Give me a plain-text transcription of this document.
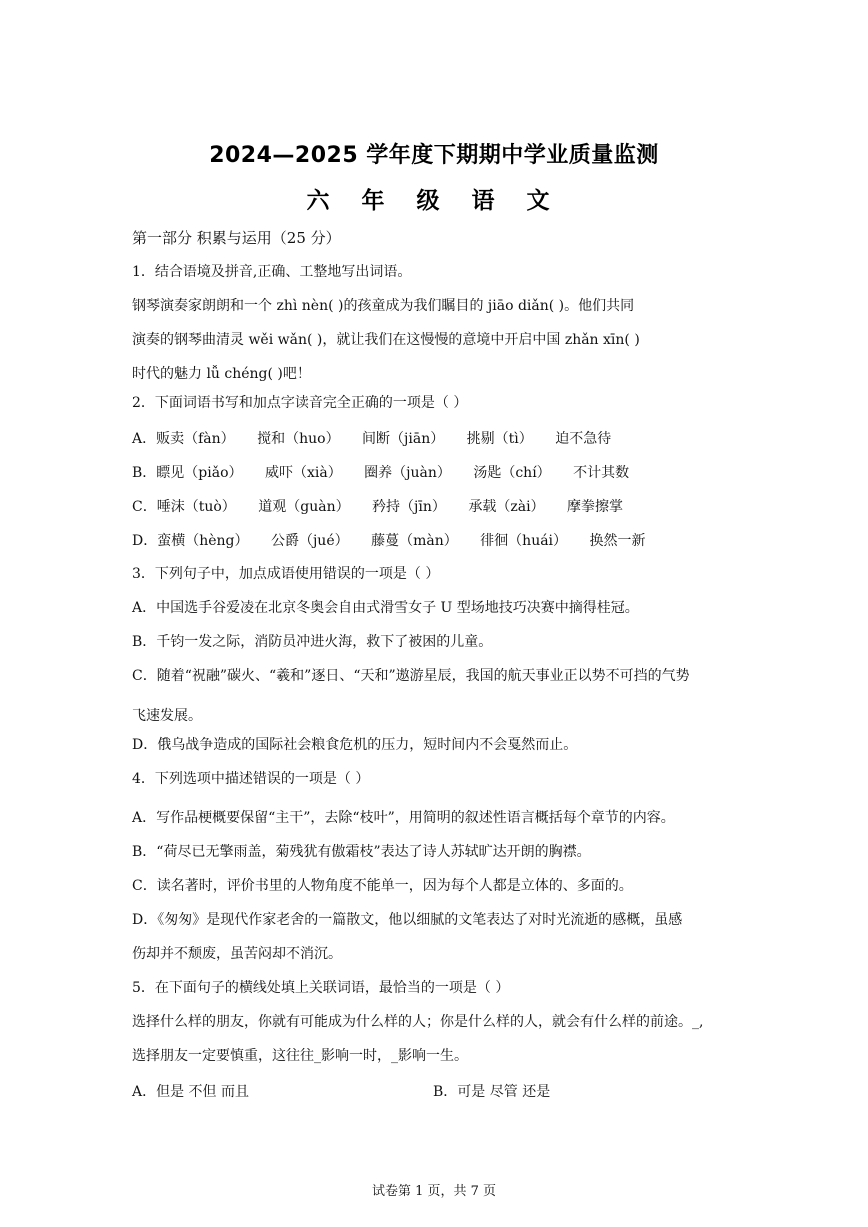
2024—2025 学年度下期期中学业质量监测
六 年 级 语 文
第一部分 积累与运用（25 分）
1．结合语境及拼音,正确、工整地写出词语。
钢琴演奏家朗朗和一个 zhì nèn( )的孩童成为我们瞩目的 jiāo diǎn( )。他们共同
演奏的钢琴曲清灵 wěi wǎn( )，就让我们在这慢慢的意境中开启中国 zhǎn xīn( )
时代的魅力 lǚ chéng( )吧！
2．下面词语书写和加点字读音完全正确的一项是（ ）
A．贩卖（fàn） 搅和（huo） 间断（jiān） 挑剔（tì） 迫不急待
B．瞟见（piǎo） 威吓（xià） 圈养（juàn） 汤匙（chí） 不计其数
C．唾沫（tuò） 道观（guàn） 矜持（jīn） 承载（zài） 摩拳擦掌
D．蛮横（hèng） 公爵（jué） 藤蔓（màn） 徘徊（huái） 换然一新
3．下列句子中，加点成语使用错误的一项是（ ）
A．中国选手谷爱凌在北京冬奥会自由式滑雪女子 U 型场地技巧决赛中摘得桂冠。
B．千钧一发之际，消防员冲进火海，救下了被困的儿童。
C．随着“祝融”碳火、“羲和”逐日、“天和”遨游星辰，我国的航天事业正以势不可挡的气势
飞速发展。
D．俄乌战争造成的国际社会粮食危机的压力，短时间内不会戛然而止。
4．下列选项中描述错误的一项是（ ）
A．写作品梗概要保留“主干”，去除“枝叶”，用简明的叙述性语言概括每个章节的内容。
B．“荷尽已无擎雨盖，菊残犹有傲霜枝”表达了诗人苏轼旷达开朗的胸襟。
C．读名著时，评价书里的人物角度不能单一，因为每个人都是立体的、多面的。
D．《匆匆》是现代作家老舍的一篇散文，他以细腻的文笔表达了对时光流逝的感概，虽感
伤却并不颓废，虽苦闷却不消沉。
5．在下面句子的横线处填上关联词语，最恰当的一项是（ ）
选择什么样的朋友，你就有可能成为什么样的人；你是什么样的人，就会有什么样的前途。_,
选择朋友一定要慎重，这往往_影响一时，_影响一生。
A．但是 不但 而且	B．可是 尽管 还是
试卷第 1 页，共 7 页
